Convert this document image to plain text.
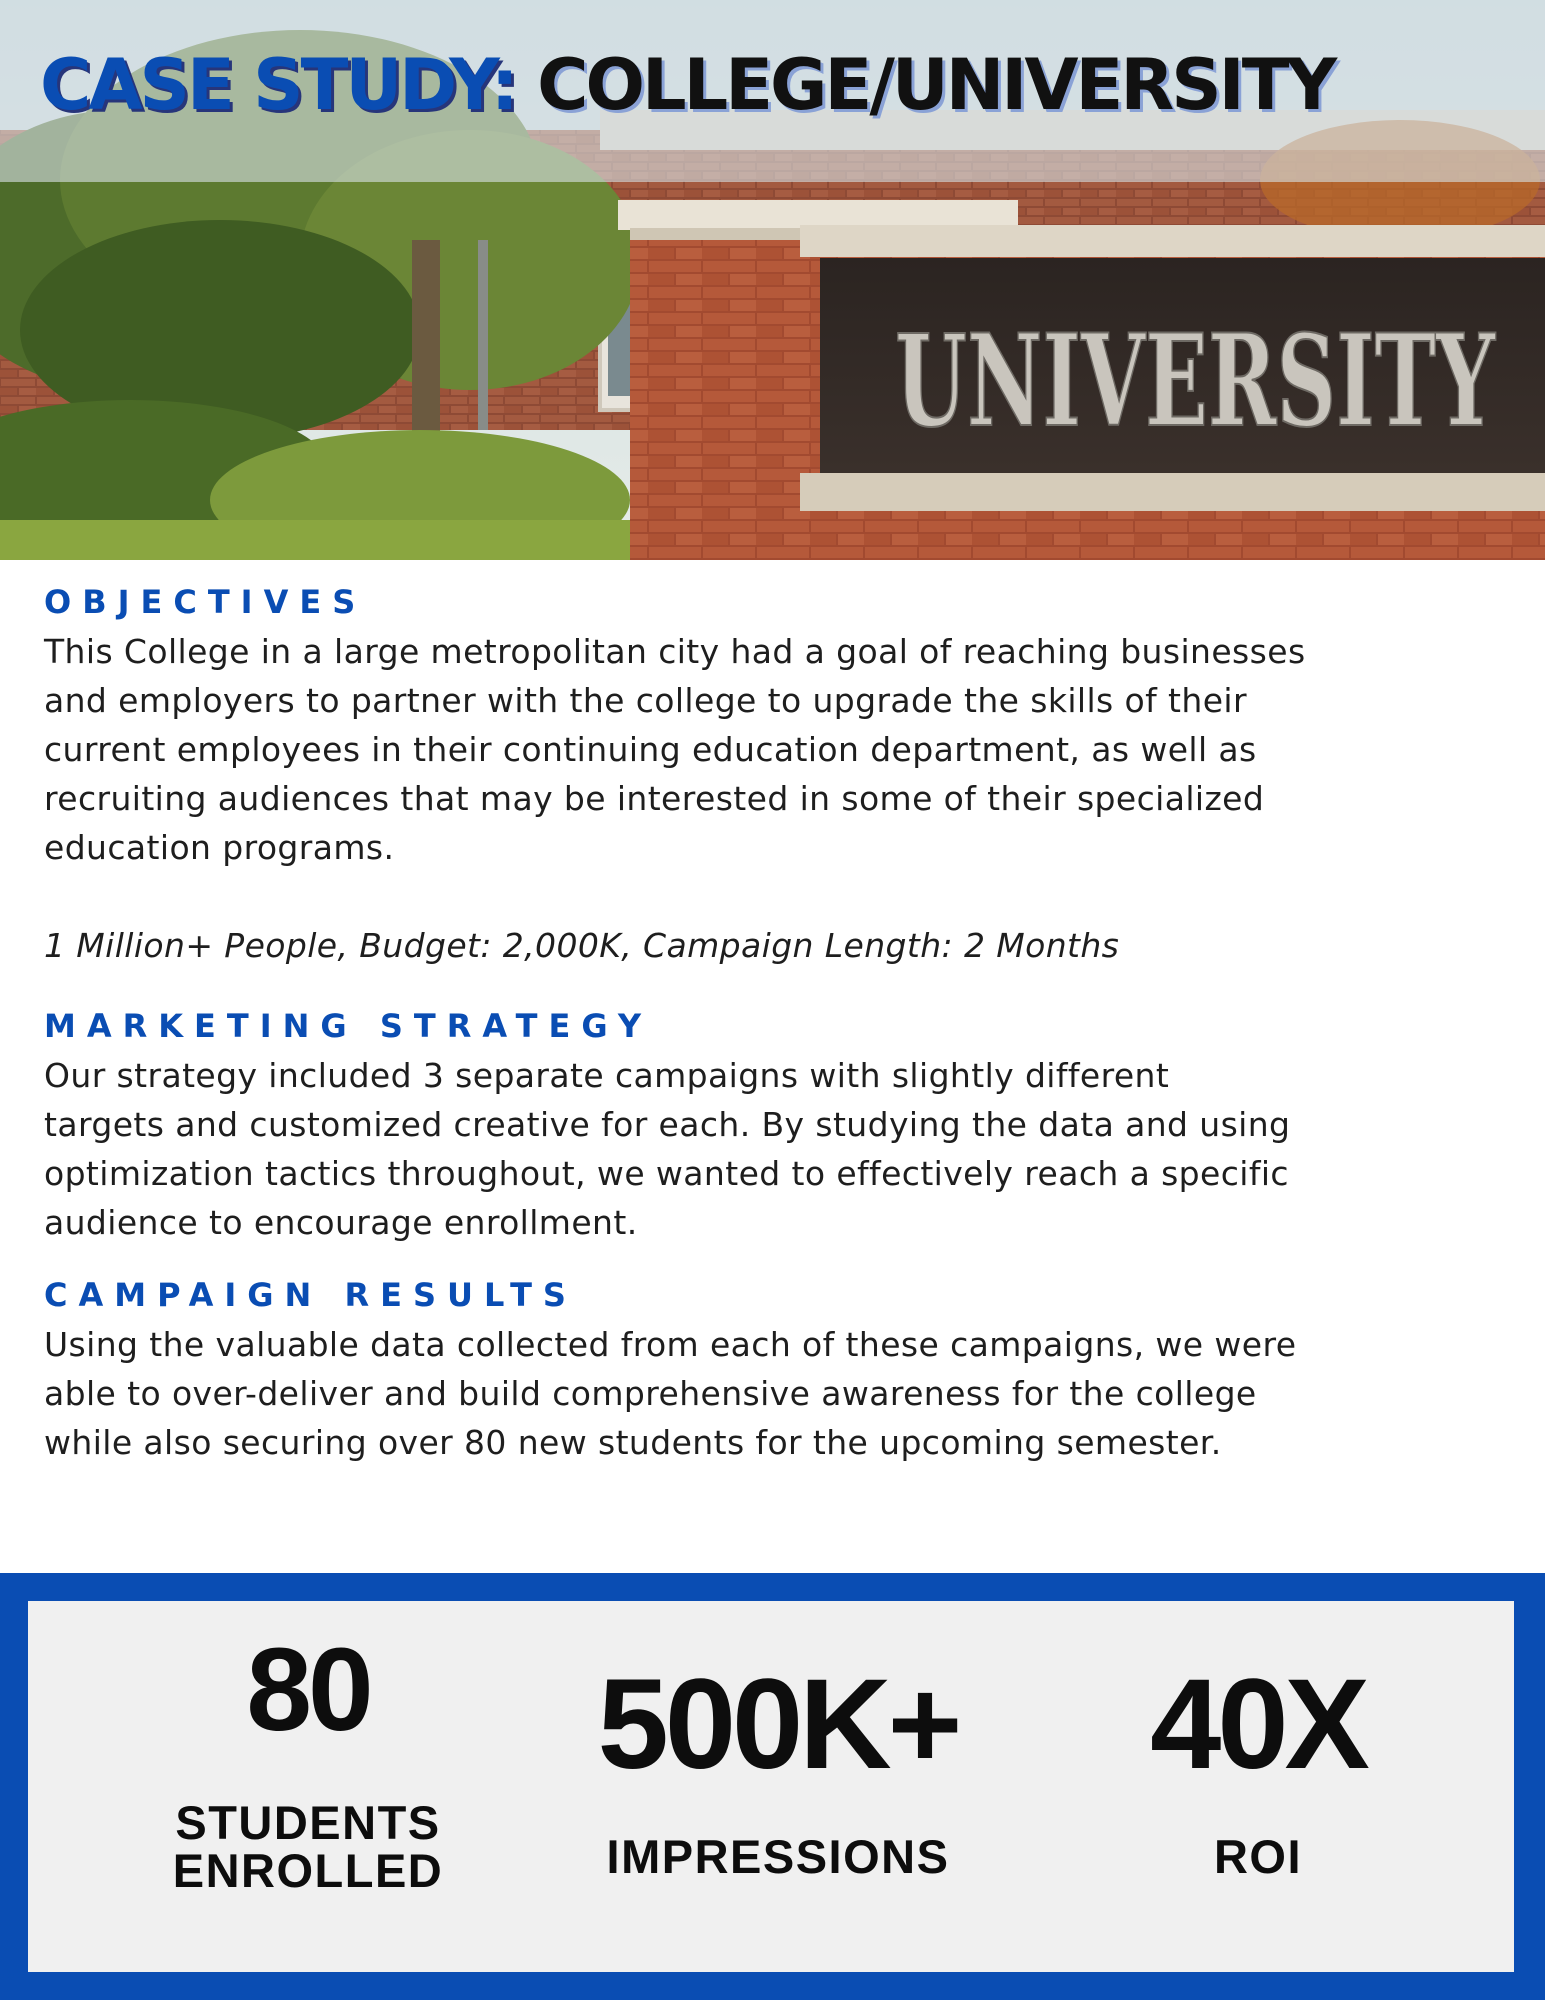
UNIVERSITY
CASE STUDY: COLLEGE/UNIVERSITY
OBJECTIVES
This College in a large metropolitan city had a goal of reaching businesses
and employers to partner with the college to upgrade the skills of their
current employees in their continuing education department, as well as
recruiting audiences that may be interested in some of their specialized
education programs.
1 Million+ People, Budget: 2,000K, Campaign Length: 2 Months
MARKETING STRATEGY
Our strategy included 3 separate campaigns with slightly different
targets and customized creative for each. By studying the data and using
optimization tactics throughout, we wanted to effectively reach a specific
audience to encourage enrollment.
CAMPAIGN RESULTS
Using the valuable data collected from each of these campaigns, we were
able to over-deliver and build comprehensive awareness for the college
while also securing over 80 new students for the upcoming semester.
80
STUDENTS
ENROLLED
500K+
IMPRESSIONS
40X
ROI
